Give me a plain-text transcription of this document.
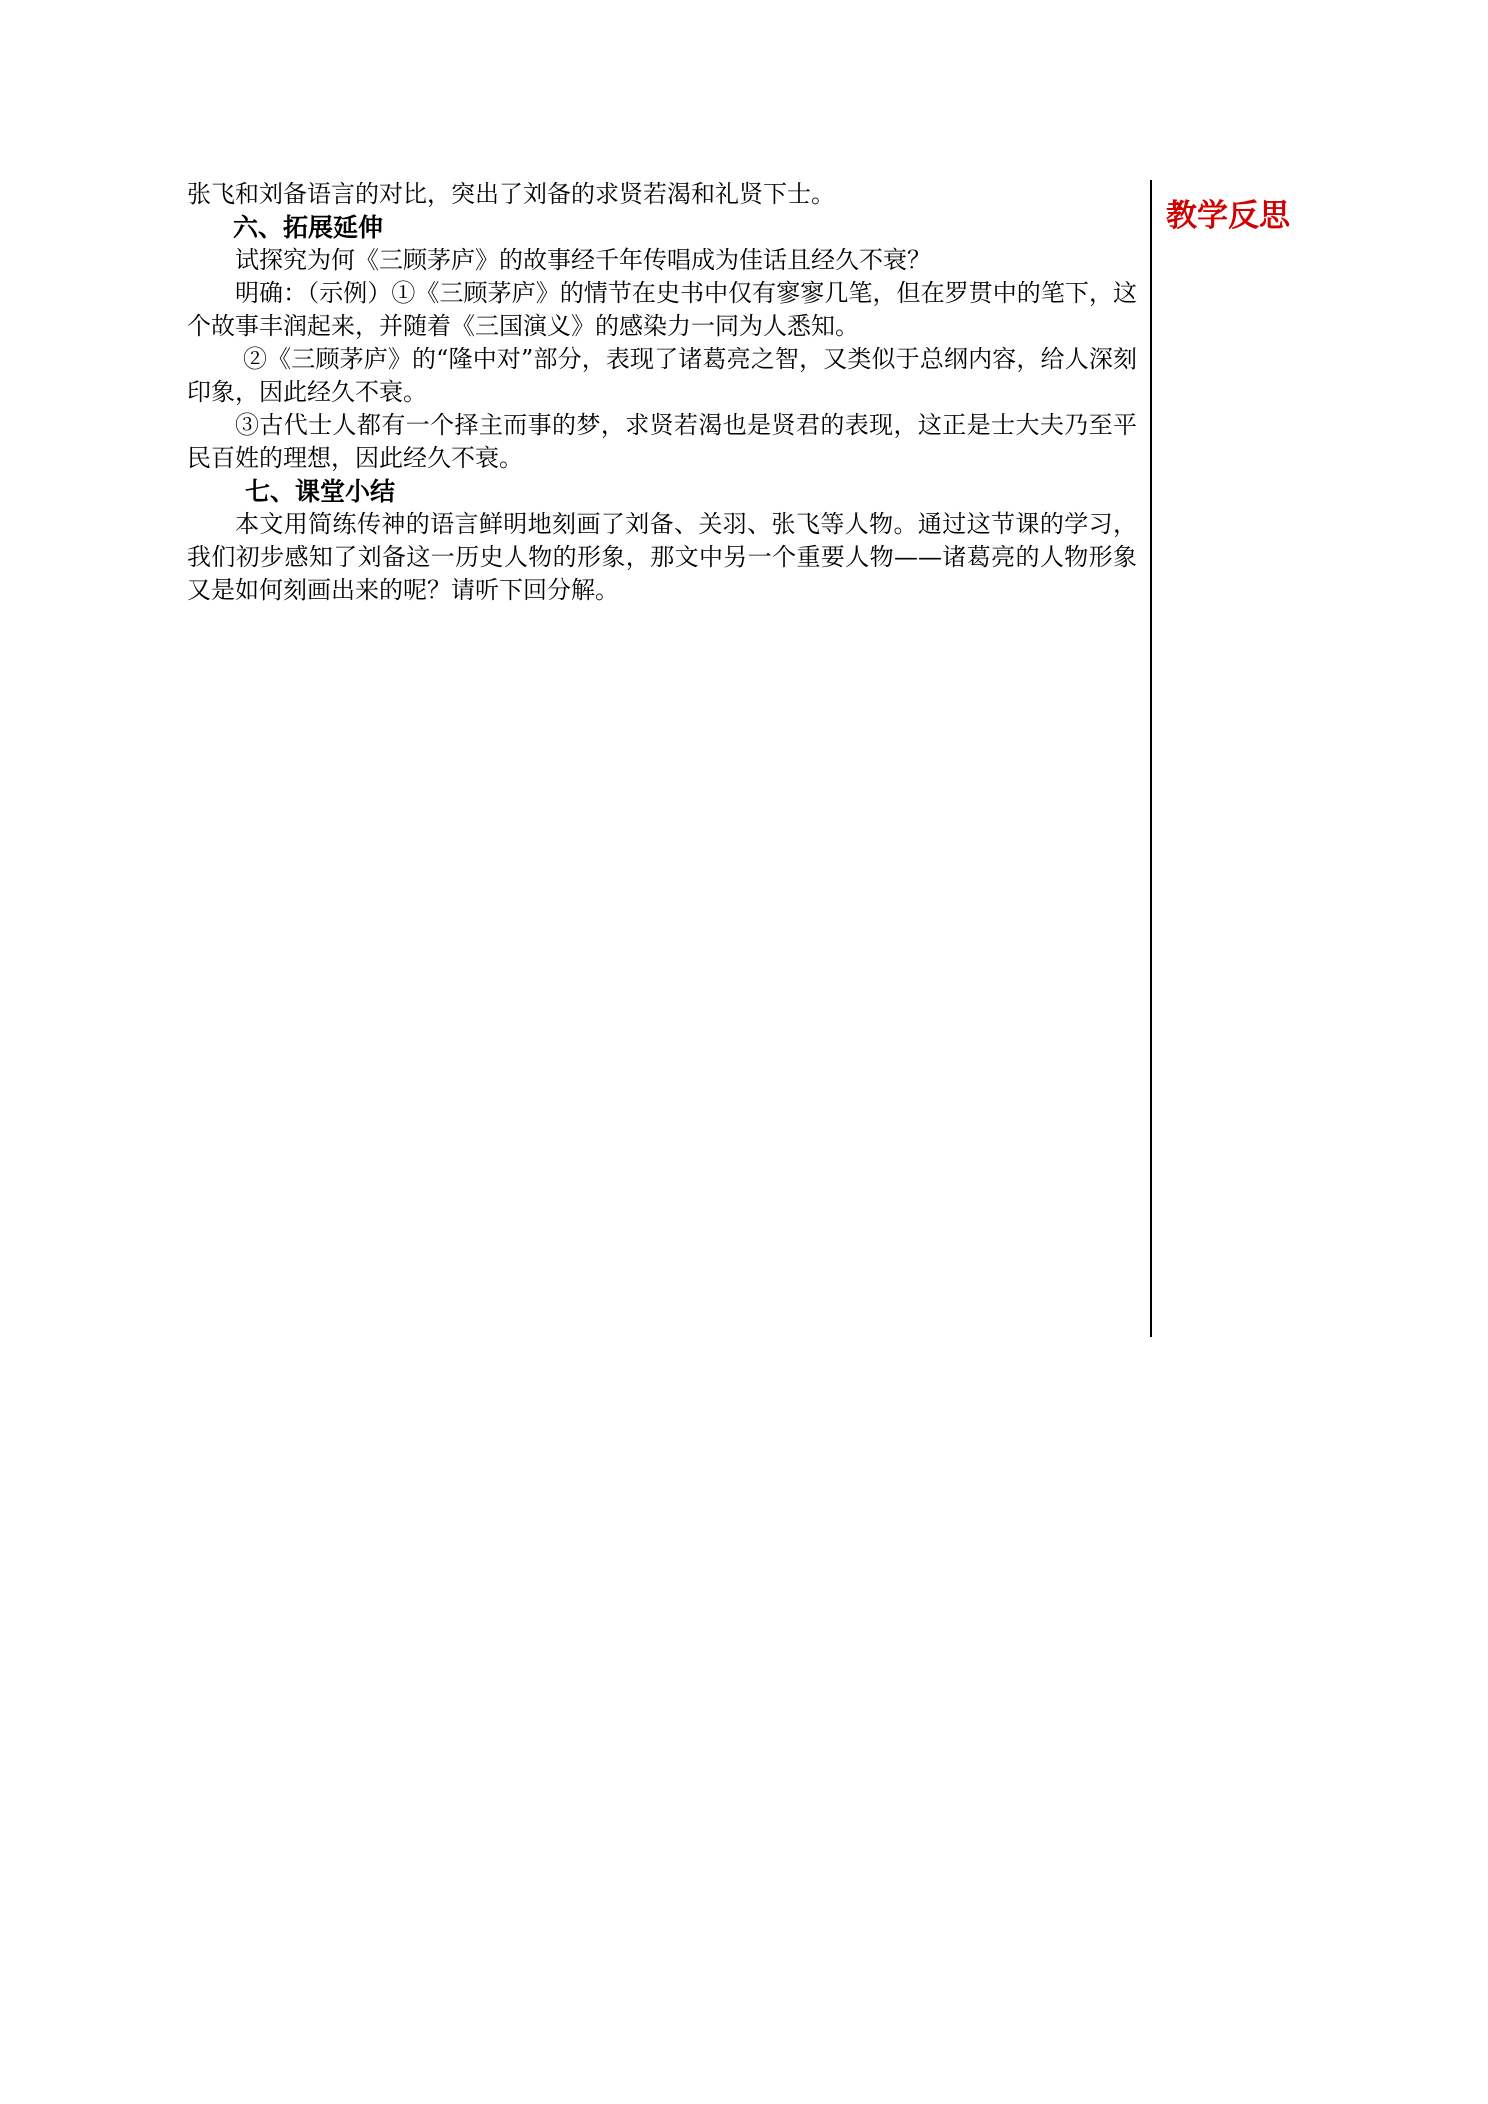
张飞和刘备语言的对比，突出了刘备的求贤若渴和礼贤下士。

六、拓展延伸

试探究为何《三顾茅庐》的故事经千年传唱成为佳话且经久不衰？

明确：（示例）①《三顾茅庐》的情节在史书中仅有寥寥几笔，但在罗贯中的笔下，这个故事丰润起来，并随着《三国演义》的感染力一同为人悉知。

②《三顾茅庐》的“隆中对”部分，表现了诸葛亮之智，又类似于总纲内容，给人深刻印象，因此经久不衰。

③古代士人都有一个择主而事的梦，求贤若渴也是贤君的表现，这正是士大夫乃至平民百姓的理想，因此经久不衰。

七、课堂小结

本文用简练传神的语言鲜明地刻画了刘备、关羽、张飞等人物。通过这节课的学习，我们初步感知了刘备这一历史人物的形象，那文中另一个重要人物——诸葛亮的人物形象又是如何刻画出来的呢？请听下回分解。

教学反思
